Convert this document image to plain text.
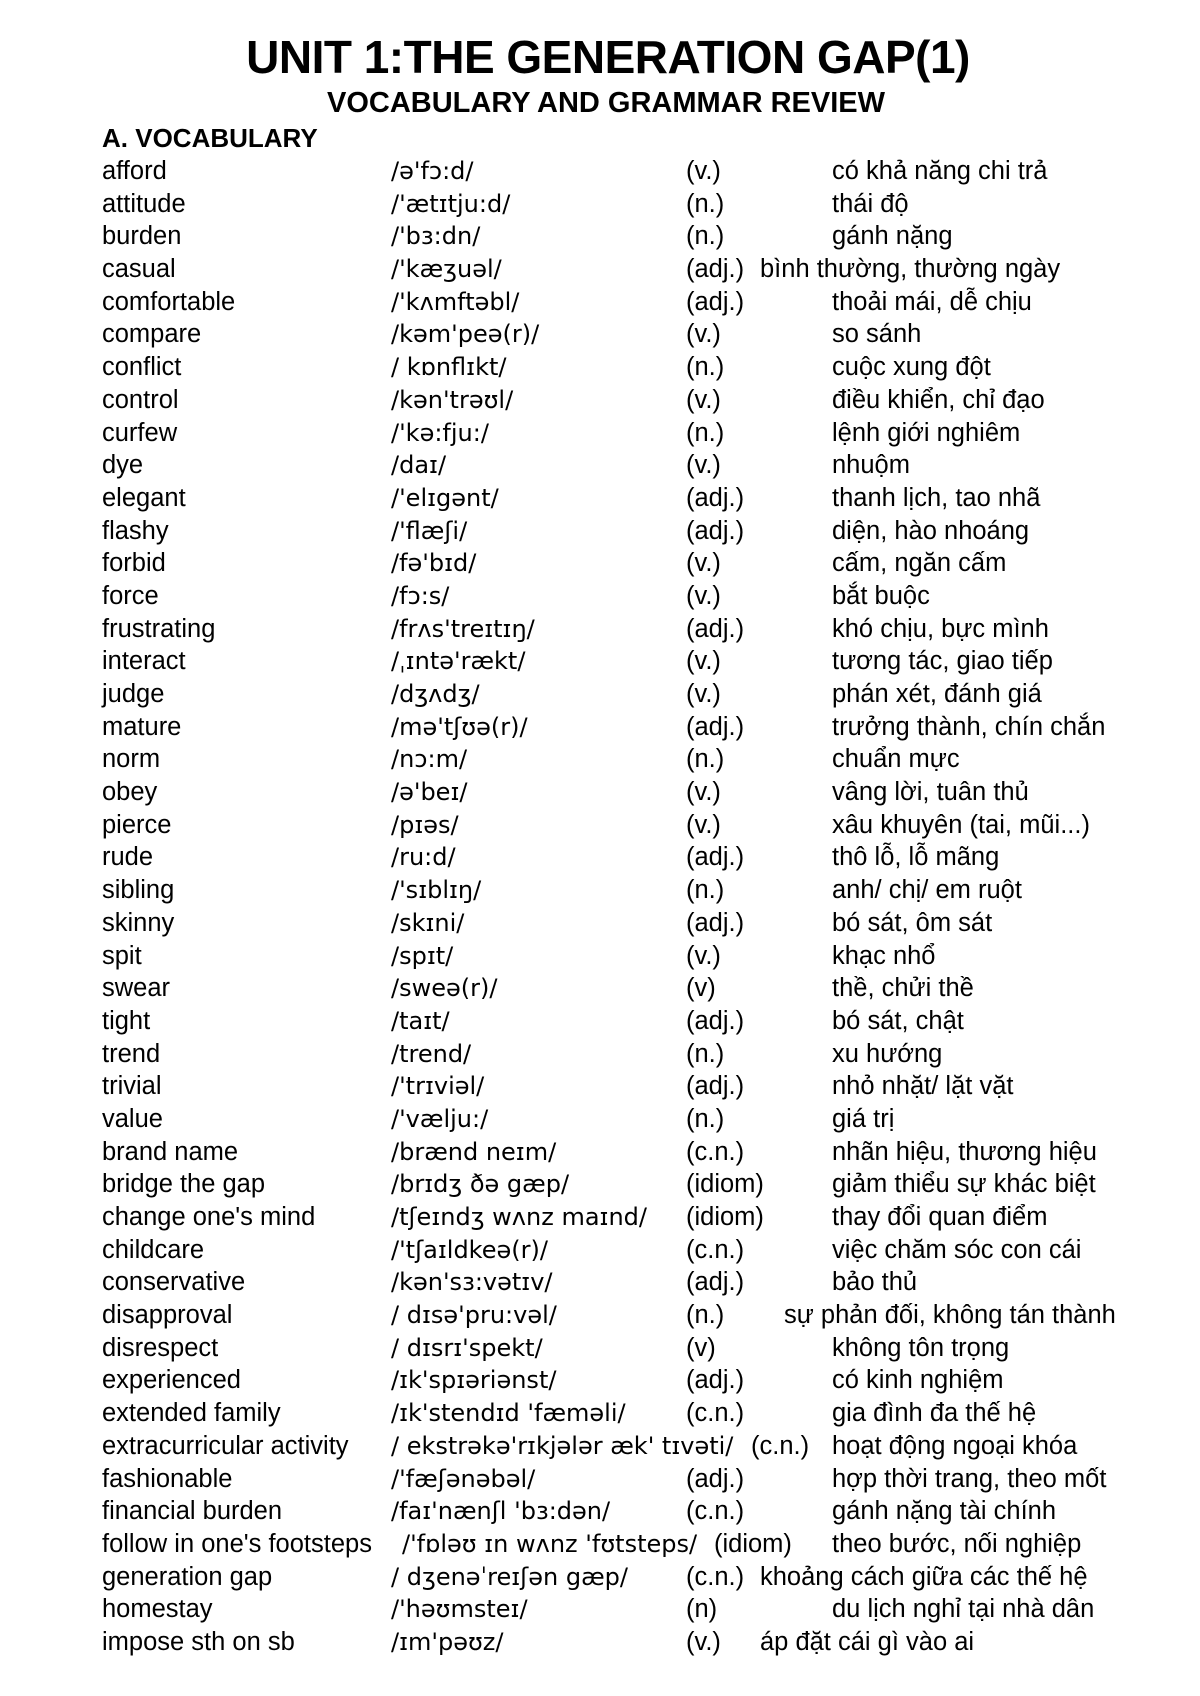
UNIT 1:THE GENERATION GAP(1)
VOCABULARY AND GRAMMAR REVIEW
A. VOCABULARY
afford	/ə'fɔ:d/	(v.)	có khả năng chi trả
attitude	/'ætɪtju:d/	(n.)	thái độ
burden	/'bɜ:dn/	(n.)	gánh nặng
casual	/'kæʒuəl/	(adj.) bình thường, thường ngày
comfortable	/'kʌmftəbl/	(adj.)	thoải mái, dễ chịu
compare	/kəm'peə(r)/	(v.)	so sánh
conflict	/ kɒnflɪkt/	(n.)	cuộc xung đột
control	/kən'trəʊl/	(v.)	điều khiển, chỉ đạo
curfew	/'kə:fju:/	(n.)	lệnh giới nghiêm
dye	/daɪ/	(v.)	nhuộm
elegant	/'elɪgənt/	(adj.)	thanh lịch, tao nhã
flashy	/'flæʃi/	(adj.)	diện, hào nhoáng
forbid	/fə'bɪd/	(v.)	cấm, ngăn cấm
force	/fɔ:s/	(v.)	bắt buộc
frustrating	/frʌs'treɪtɪŋ/	(adj.)	khó chịu, bực mình
interact	/ˌɪntə'rækt/	(v.)	tương tác, giao tiếp
judge	/dʒʌdʒ/	(v.)	phán xét, đánh giá
mature	/mə'tʃʊə(r)/	(adj.)	trưởng thành, chín chắn
norm	/nɔ:m/	(n.)	chuẩn mực
obey	/ə'beɪ/	(v.)	vâng lời, tuân thủ
pierce	/pɪəs/	(v.)	xâu khuyên (tai, mũi...)
rude	/ru:d/	(adj.)	thô lỗ, lỗ mãng
sibling	/'sɪblɪŋ/	(n.)	anh/ chị/ em ruột
skinny	/skɪni/	(adj.)	bó sát, ôm sát
spit	/spɪt/	(v.)	khạc nhổ
swear	/sweə(r)/	(v)	thề, chửi thề
tight	/taɪt/	(adj.)	bó sát, chật
trend	/trend/	(n.)	xu hướng
trivial	/'trɪviəl/	(adj.)	nhỏ nhặt/ lặt vặt
value	/'vælju:/	(n.)	giá trị
brand name	/brænd neɪm/	(c.n.)	nhãn hiệu, thương hiệu
bridge the gap	/brɪdʒ ðə gæp/	(idiom)	giảm thiểu sự khác biệt
change one's mind	/tʃeɪndʒ wʌnz maɪnd/ (idiom)	thay đổi quan điểm
childcare	/'tʃaɪldkeə(r)/	(c.n.)	việc chăm sóc con cái
conservative	/kən'sɜ:vətɪv/	(adj.)	bảo thủ
disapproval	/ dɪsə'pru:vəl/	(n.) sự phản đối, không tán thành
disrespect	/ dɪsrɪ'spekt/	(v)	không tôn trọng
experienced	/ɪk'spɪəriənst/	(adj.)	có kinh nghiệm
extended family	/ɪk'stendɪd 'fæməli/ (c.n.)	gia đình đa thế hệ
extracurricular activity / ekstrəkə'rɪkjələr æk' tɪvəti/ (c.n.) hoạt động ngoại khóa
fashionable	/'fæʃənəbəl/	(adj.)	hợp thời trang, theo mốt
financial burden	/faɪ'nænʃl 'bɜ:dən/	(c.n.)	gánh nặng tài chính
follow in one's footsteps /'fɒləʊ ɪn wʌnz 'fʊtsteps/ (idiom) theo bước, nối nghiệp
generation gap	/ dʒenəˈreɪʃən gæp/ (c.n.) khoảng cách giữa các thế hệ
homestay	/'həʊmsteɪ/	(n)	du lịch nghỉ tại nhà dân
impose sth on sb	/ɪm'pəʊz/	(v.) áp đặt cái gì vào ai
